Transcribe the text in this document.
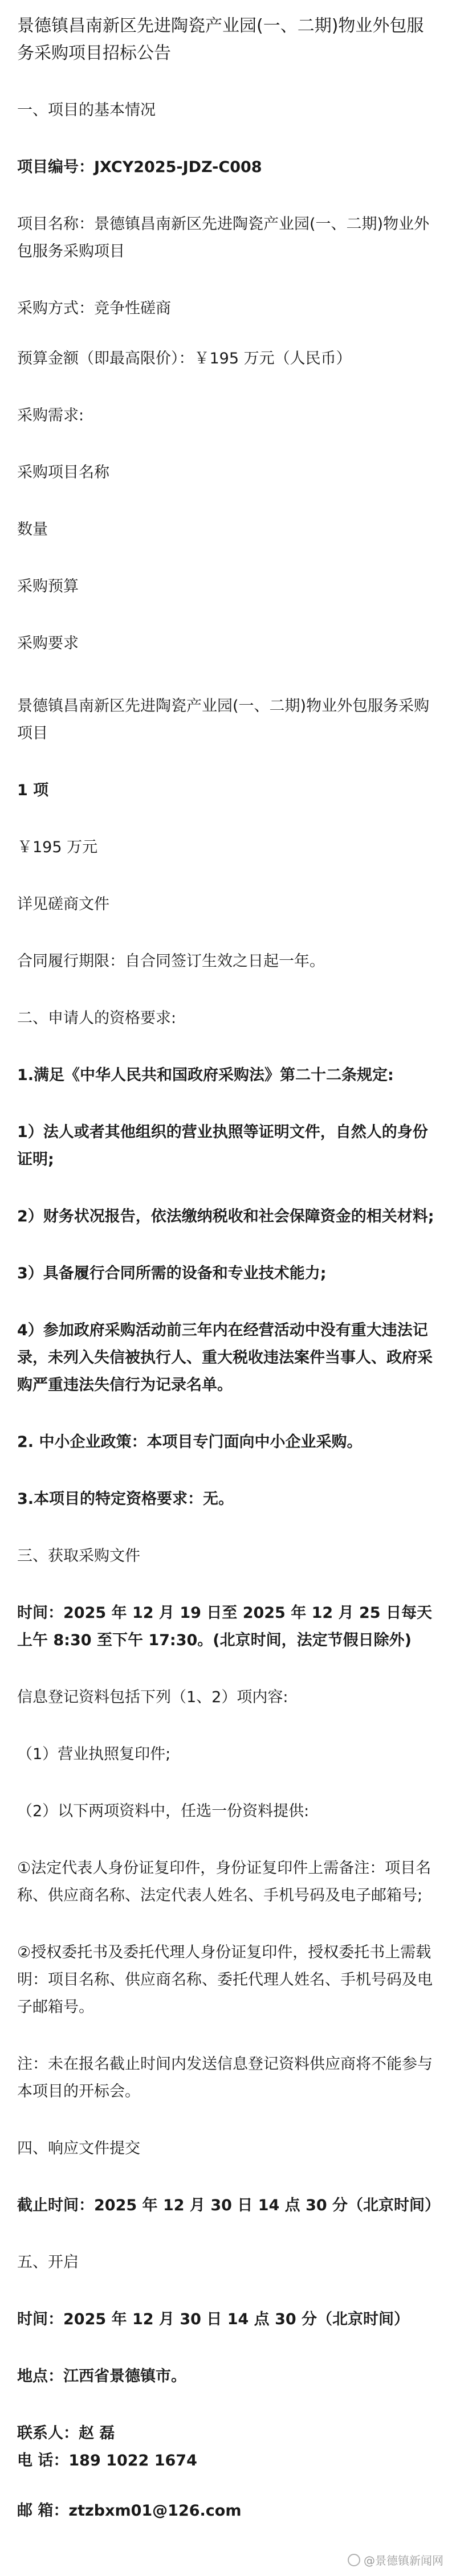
景德镇昌南新区先进陶瓷产业园(一、二期)物业外包服务采购项目招标公告

一、项目的基本情况

项目编号：JXCY2025-JDZ-C008

项目名称：景德镇昌南新区先进陶瓷产业园(一、二期)物业外包服务采购项目

采购方式：竞争性磋商

预算金额（即最高限价）：￥195 万元（人民币）

采购需求:

采购项目名称

数量

采购预算

采购要求

景德镇昌南新区先进陶瓷产业园(一、二期)物业外包服务采购项目

1 项

￥195 万元

详见磋商文件

合同履行期限：自合同签订生效之日起一年。

二、申请人的资格要求:

1.满足《中华人民共和国政府采购法》第二十二条规定:

1）法人或者其他组织的营业执照等证明文件，自然人的身份证明;

2）财务状况报告，依法缴纳税收和社会保障资金的相关材料;

3）具备履行合同所需的设备和专业技术能力;

4）参加政府采购活动前三年内在经营活动中没有重大违法记录，未列入失信被执行人、重大税收违法案件当事人、政府采购严重违法失信行为记录名单。

2. 中小企业政策：本项目专门面向中小企业采购。

3.本项目的特定资格要求：无。

三、获取采购文件

时间：2025 年 12 月 19 日至 2025 年 12 月 25 日每天上午 8:30 至下午 17:30。(北京时间，法定节假日除外)

信息登记资料包括下列（1、2）项内容:

（1）营业执照复印件;

（2）以下两项资料中，任选一份资料提供:

①法定代表人身份证复印件，身份证复印件上需备注：项目名称、供应商名称、法定代表人姓名、手机号码及电子邮箱号;

②授权委托书及委托代理人身份证复印件，授权委托书上需载明：项目名称、供应商名称、委托代理人姓名、手机号码及电子邮箱号。

注：未在报名截止时间内发送信息登记资料供应商将不能参与本项目的开标会。

四、响应文件提交

截止时间：2025 年 12 月 30 日 14 点 30 分（北京时间）

五、开启

时间：2025 年 12 月 30 日 14 点 30 分（北京时间）

地点：江西省景德镇市。

联系人：赵 磊

电 话：189 1022 1674

邮 箱：ztzbxm01@126.com

@景德镇新闻网
